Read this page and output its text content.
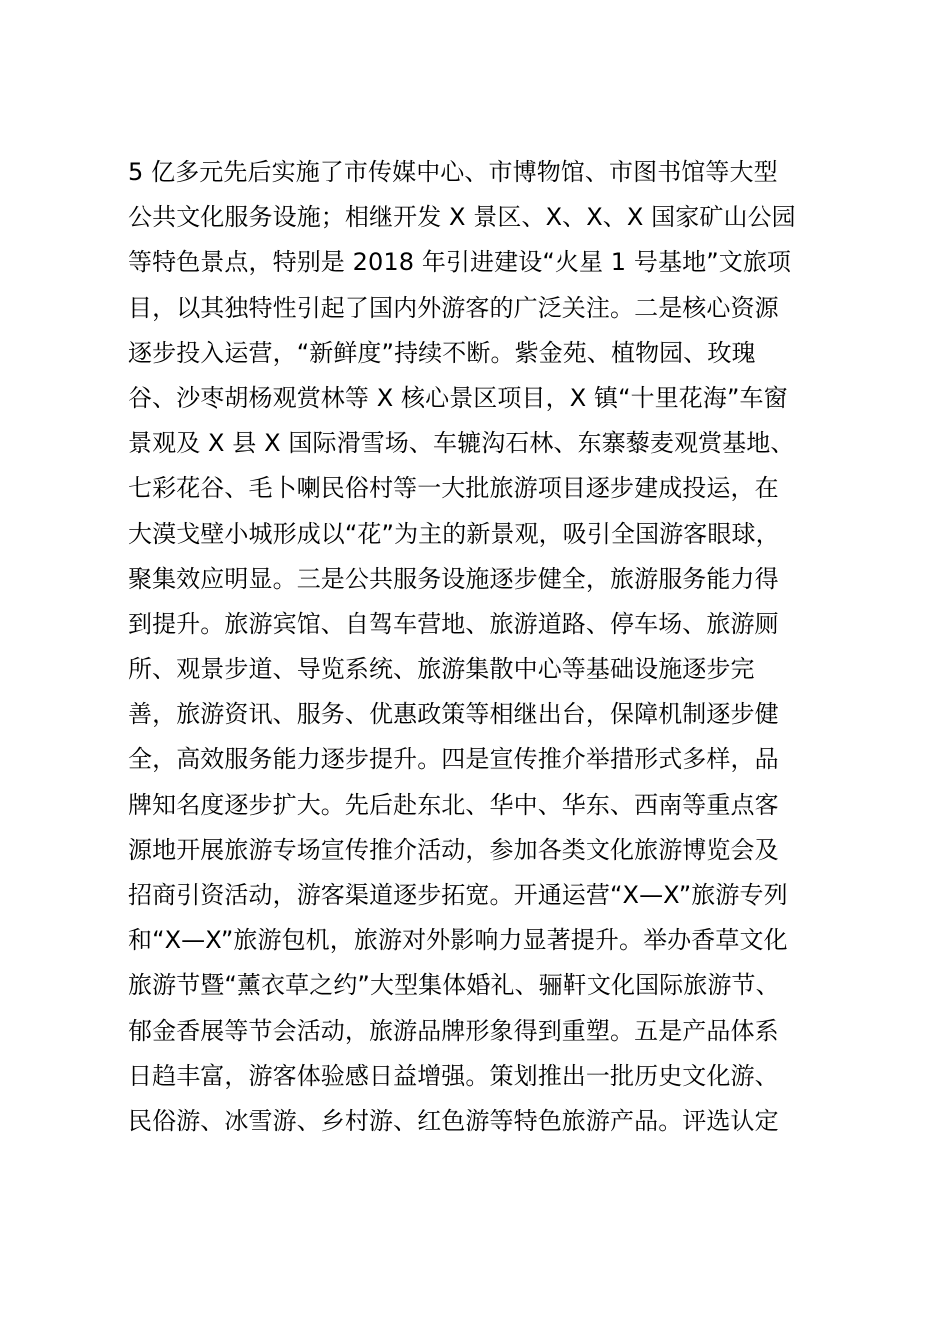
5 亿多元先后实施了市传媒中心、市博物馆、市图书馆等大型
公共文化服务设施；相继开发 X 景区、X、X、X 国家矿山公园
等特色景点，特别是 2018 年引进建设“火星 1 号基地”文旅项
目，以其独特性引起了国内外游客的广泛关注。二是核心资源
逐步投入运营，“新鲜度”持续不断。紫金苑、植物园、玫瑰
谷、沙枣胡杨观赏林等 X 核心景区项目，X 镇“十里花海”车窗
景观及 X 县 X 国际滑雪场、车辘沟石林、东寨藜麦观赏基地、
七彩花谷、毛卜喇民俗村等一大批旅游项目逐步建成投运，在
大漠戈壁小城形成以“花”为主的新景观，吸引全国游客眼球，
聚集效应明显。三是公共服务设施逐步健全，旅游服务能力得
到提升。旅游宾馆、自驾车营地、旅游道路、停车场、旅游厕
所、观景步道、导览系统、旅游集散中心等基础设施逐步完
善，旅游资讯、服务、优惠政策等相继出台，保障机制逐步健
全，高效服务能力逐步提升。四是宣传推介举措形式多样，品
牌知名度逐步扩大。先后赴东北、华中、华东、西南等重点客
源地开展旅游专场宣传推介活动，参加各类文化旅游博览会及
招商引资活动，游客渠道逐步拓宽。开通运营“X—X”旅游专列
和“X—X”旅游包机，旅游对外影响力显著提升。举办香草文化
旅游节暨“薰衣草之约”大型集体婚礼、骊靬文化国际旅游节、
郁金香展等节会活动，旅游品牌形象得到重塑。五是产品体系
日趋丰富，游客体验感日益增强。策划推出一批历史文化游、
民俗游、冰雪游、乡村游、红色游等特色旅游产品。评选认定
